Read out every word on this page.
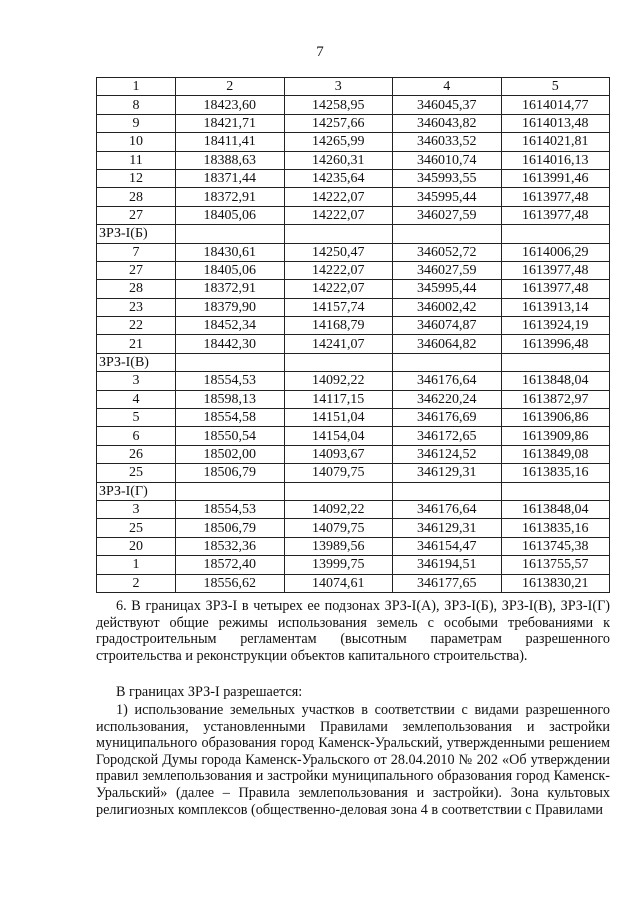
7
1	2	3	4	5
8	18423,60	14258,95	346045,37	1614014,77
9	18421,71	14257,66	346043,82	1614013,48
10	18411,41	14265,99	346033,52	1614021,81
11	18388,63	14260,31	346010,74	1614016,13
12	18371,44	14235,64	345993,55	1613991,46
28	18372,91	14222,07	345995,44	1613977,48
27	18405,06	14222,07	346027,59	1613977,48
ЗРЗ-I(Б)				
7	18430,61	14250,47	346052,72	1614006,29
27	18405,06	14222,07	346027,59	1613977,48
28	18372,91	14222,07	345995,44	1613977,48
23	18379,90	14157,74	346002,42	1613913,14
22	18452,34	14168,79	346074,87	1613924,19
21	18442,30	14241,07	346064,82	1613996,48
ЗРЗ-I(В)				
3	18554,53	14092,22	346176,64	1613848,04
4	18598,13	14117,15	346220,24	1613872,97
5	18554,58	14151,04	346176,69	1613906,86
6	18550,54	14154,04	346172,65	1613909,86
26	18502,00	14093,67	346124,52	1613849,08
25	18506,79	14079,75	346129,31	1613835,16
ЗРЗ-I(Г)				
3	18554,53	14092,22	346176,64	1613848,04
25	18506,79	14079,75	346129,31	1613835,16
20	18532,36	13989,56	346154,47	1613745,38
1	18572,40	13999,75	346194,51	1613755,57
2	18556,62	14074,61	346177,65	1613830,21

6. В границах ЗРЗ-I в четырех ее подзонах ЗРЗ-I(А), ЗРЗ-I(Б), ЗРЗ-I(В), ЗРЗ-I(Г) действуют общие режимы использования земель с особыми требованиями к градостроительным регламентам (высотным параметрам разрешенного строительства и реконструкции объектов капитального строительства).

В границах ЗРЗ-I разрешается:

1) использование земельных участков в соответствии с видами разрешенного использования, установленными Правилами землепользования и застройки муниципального образования город Каменск-Уральский, утвержденными решением Городской Думы города Каменск-Уральского от 28.04.2010 № 202 «Об утверждении правил землепользования и застройки муниципального образования город Каменск-Уральский» (далее – Правила землепользования и застройки). Зона культовых религиозных комплексов (общественно-деловая зона 4 в соответствии с Правилами
